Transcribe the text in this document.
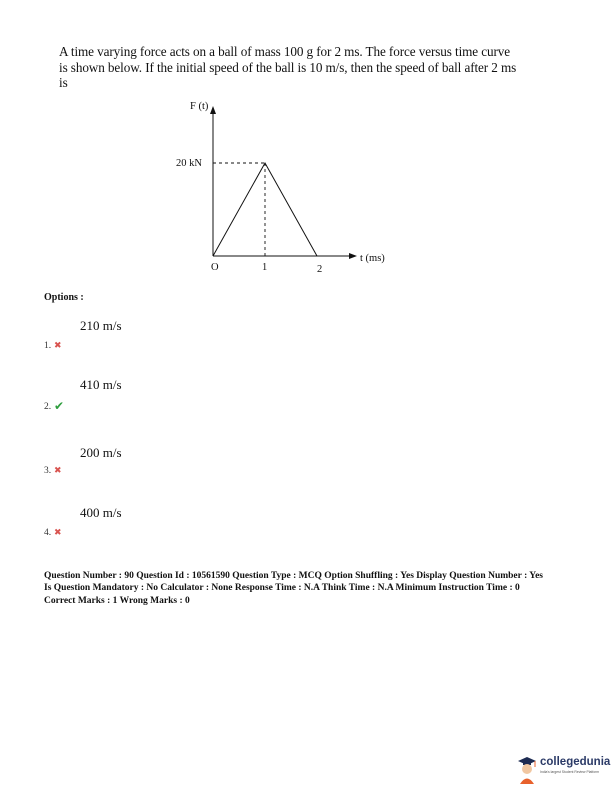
A time varying force acts on a ball of mass 100 g for 2 ms. The force versus time curve
is shown below. If the initial speed of the ball is 10 m/s, then the speed of ball after 2 ms
is
F (t)
t (ms)
20 kN
O	1	2
Options :
210 m/s
1. ✖
410 m/s
2. ✔
200 m/s
3. ✖
400 m/s
4. ✖
Question Number : 90 Question Id : 10561590 Question Type : MCQ Option Shuffling : Yes Display Question Number : Yes
Is Question Mandatory : No Calculator : None Response Time : N.A Think Time : N.A Minimum Instruction Time : 0
Correct Marks : 1 Wrong Marks : 0
collegedunia
India's largest Student Review Platform
